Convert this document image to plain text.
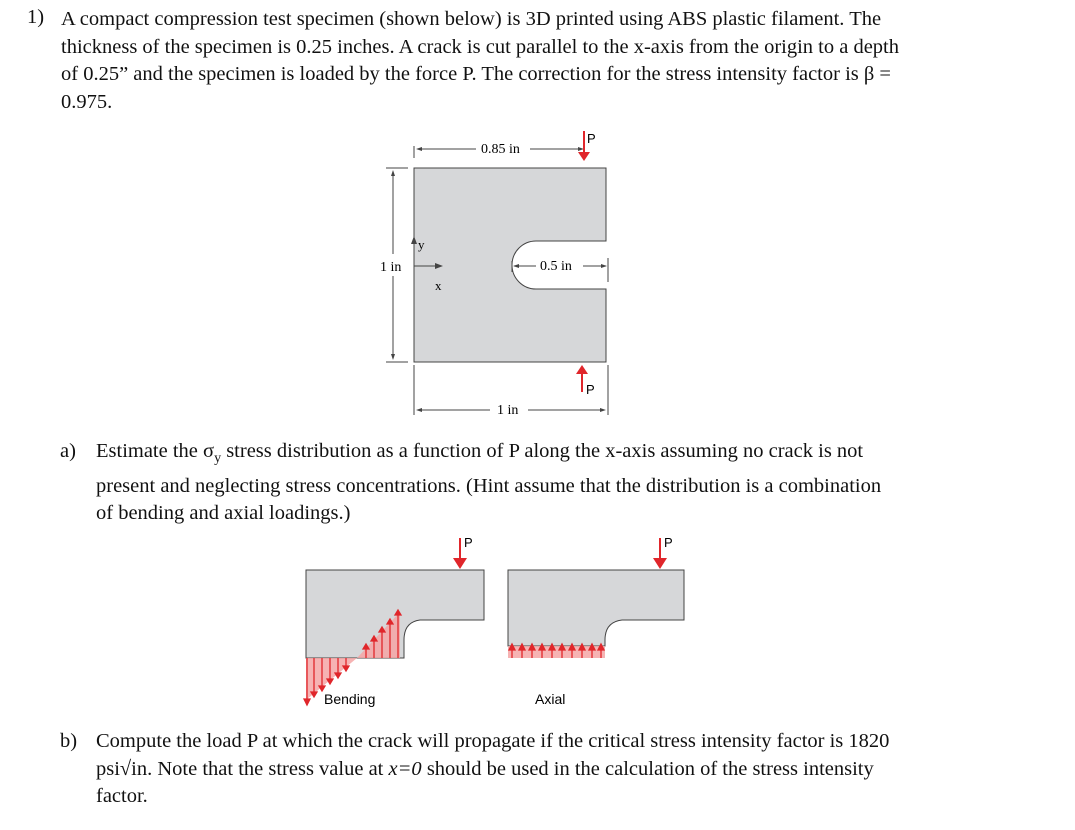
1) A compact compression test specimen (shown below) is 3D printed using ABS plastic filament. The
thickness of the specimen is 0.25 inches. A crack is cut parallel to the x-axis from the origin to a depth
of 0.25” and the specimen is loaded by the force P. The correction for the stress intensity factor is β =
0.975.
0.85 in
P
1 in
y
x
0.5 in
P
1 in
a) Estimate the $\sigma_y$ stress distribution as a function of P along the x-axis assuming no crack is not
present and neglecting stress concentrations. (Hint assume that the distribution is a combination
of bending and axial loadings.)
P
Bending
P
Axial
b) Compute the load P at which the crack will propagate if the critical stress intensity factor is 1820
psi√in. Note that the stress value at x=0 should be used in the calculation of the stress intensity
factor.
